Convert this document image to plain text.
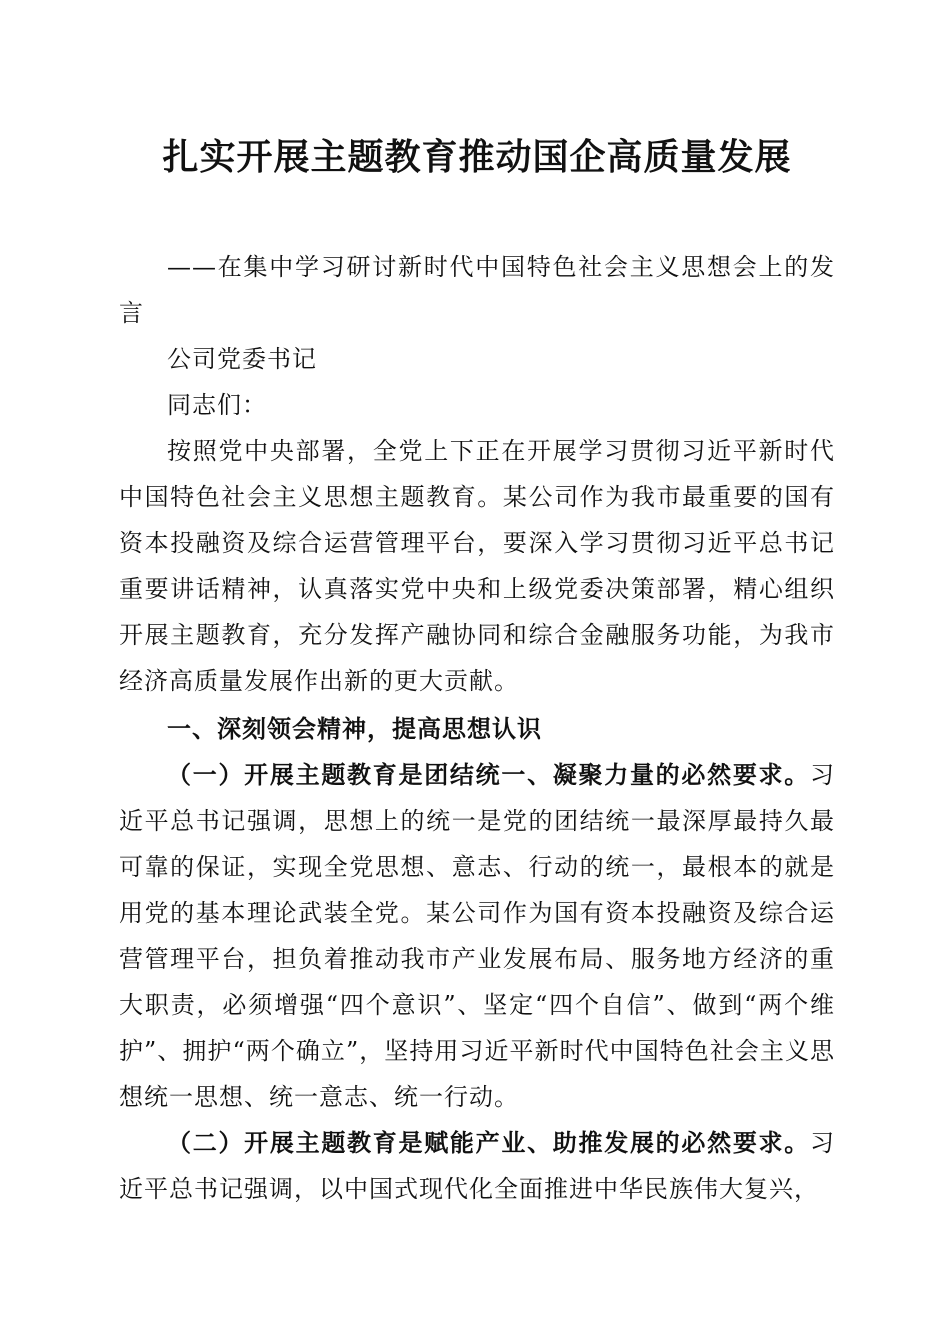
扎实开展主题教育推动国企高质量发展

——在集中学习研讨新时代中国特色社会主义思想会上的发言

公司党委书记

同志们：

按照党中央部署，全党上下正在开展学习贯彻习近平新时代中国特色社会主义思想主题教育。某公司作为我市最重要的国有资本投融资及综合运营管理平台，要深入学习贯彻习近平总书记重要讲话精神，认真落实党中央和上级党委决策部署，精心组织开展主题教育，充分发挥产融协同和综合金融服务功能，为我市经济高质量发展作出新的更大贡献。

一、深刻领会精神，提高思想认识

（一）开展主题教育是团结统一、凝聚力量的必然要求。习近平总书记强调，思想上的统一是党的团结统一最深厚最持久最可靠的保证，实现全党思想、意志、行动的统一，最根本的就是用党的基本理论武装全党。某公司作为国有资本投融资及综合运营管理平台，担负着推动我市产业发展布局、服务地方经济的重大职责，必须增强“四个意识”、坚定“四个自信”、做到“两个维护”、拥护“两个确立”，坚持用习近平新时代中国特色社会主义思想统一思想、统一意志、统一行动。

（二）开展主题教育是赋能产业、助推发展的必然要求。习近平总书记强调，以中国式现代化全面推进中华民族伟大复兴，
